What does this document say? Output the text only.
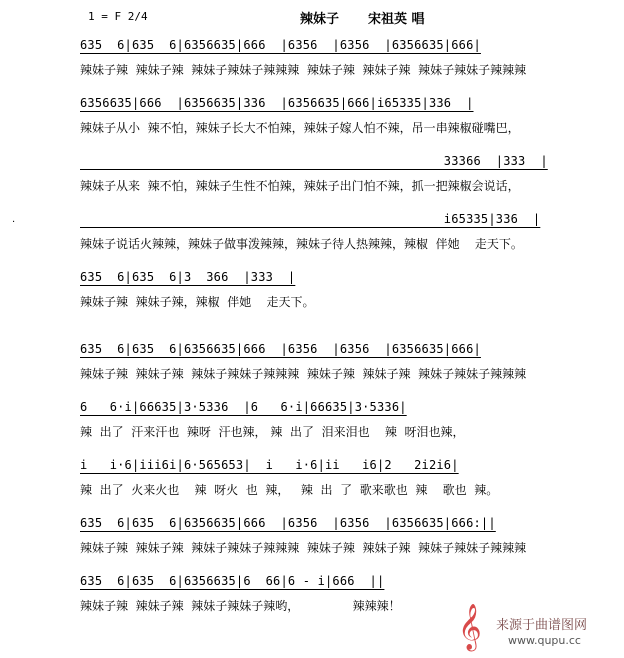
1 = F 2/4	辣妹子 宋祖英 唱
.
635  6|635  6|6356635|666  |6356  |6356  |6356635|666|
辣妹子辣  辣妹子辣  辣妹子辣妹子辣辣辣  辣妹子辣  辣妹子辣  辣妹子辣妹子辣辣辣
6356635|666  |6356635|336  |6356635|666|i65335|336  |
辣妹子从小  辣不怕，辣妹子长大不怕辣，辣妹子嫁人怕不辣，吊一串辣椒碰嘴巴，
33366  |333  |
辣妹子从来  辣不怕，辣妹子生性不怕辣，辣妹子出门怕不辣，抓一把辣椒会说话，
i65335|336  |
辣妹子说话火辣辣，辣妹子做事泼辣辣，辣妹子待人热辣辣，辣椒  伴她    走天下。
635  6|635  6|3  366  |333  |
辣妹子辣  辣妹子辣，辣椒  伴她    走天下。
635  6|635  6|6356635|666  |6356  |6356  |6356635|666|
辣妹子辣  辣妹子辣  辣妹子辣妹子辣辣辣  辣妹子辣  辣妹子辣  辣妹子辣妹子辣辣辣
6   6·i|66635|3·5336  |6   6·i|66635|3·5336|
辣  出了  汗来汗也  辣呀  汗也辣， 辣  出了  泪来泪也    辣  呀泪也辣，
i   i·6|iii6i|6·565653|  i   i·6|ii   i6|2   2i2i6|
辣  出了  火来火也    辣  呀火  也  辣，   辣  出  了  歌来歌也  辣    歌也  辣。
635  6|635  6|6356635|666  |6356  |6356  |6356635|666:||
辣妹子辣  辣妹子辣  辣妹子辣妹子辣辣辣  辣妹子辣  辣妹子辣  辣妹子辣妹子辣辣辣
635  6|635  6|6356635|6  66|6 - i|666  ||
辣妹子辣  辣妹子辣  辣妹子辣妹子辣哟，              辣辣辣！	𝄞 来源于曲谱图网
www.qupu.cc
